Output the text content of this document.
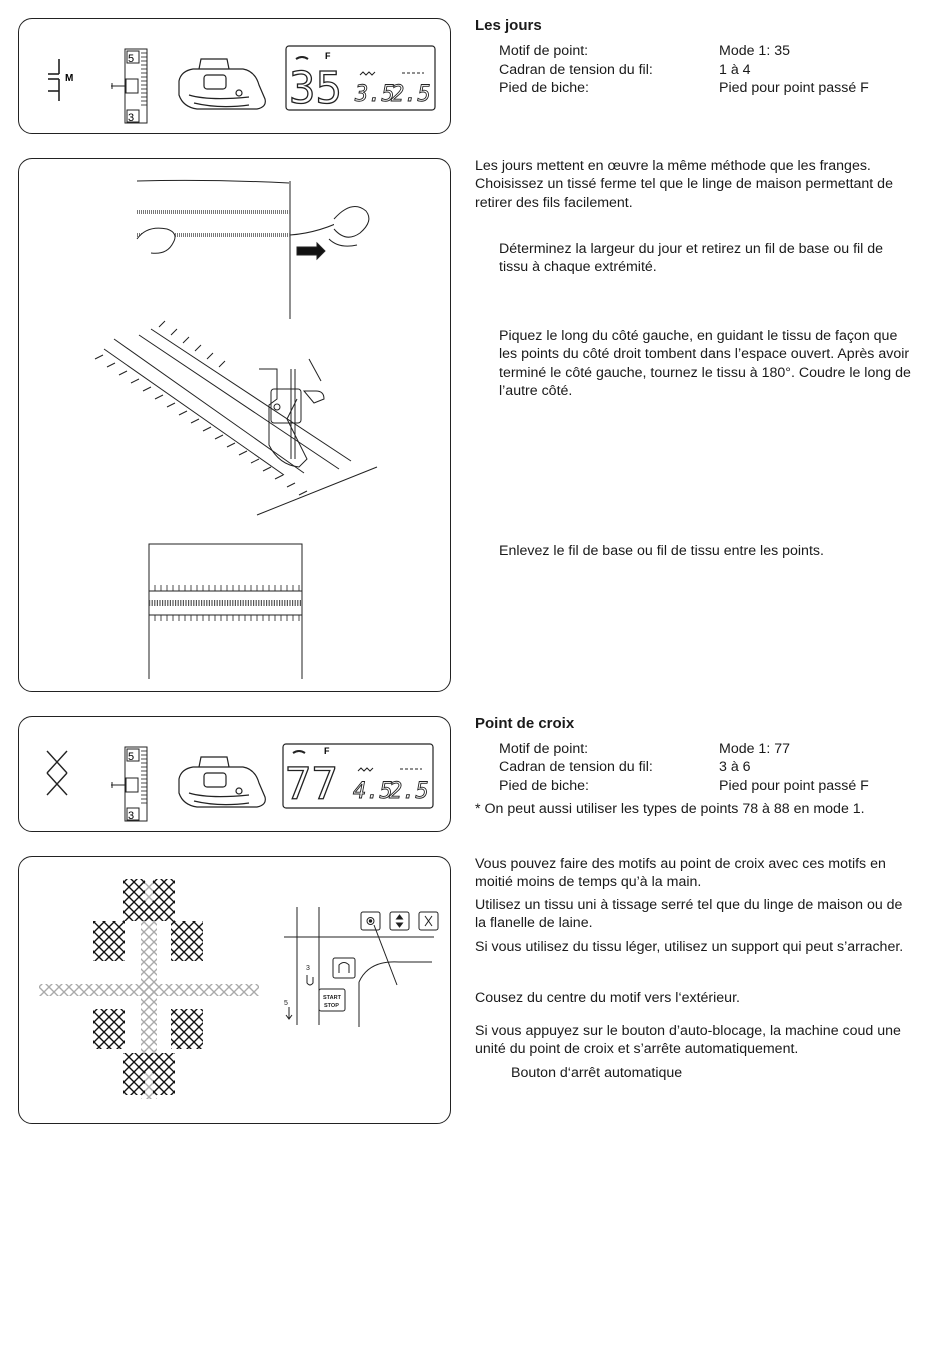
M
5
3
F
35 3.5
2.5
Les jours
Motif de point:	Mode 1: 35
Cadran de tension du fil:	1 à 4
Pied de biche:	Pied pour point passé F
Les jours mettent en œuvre la même méthode que les franges. Choisissez un tissé ferme tel que le linge de maison permettant de retirer des fils facilement.
Déterminez la largeur du jour et retirez un fil de base ou fil de tissu à chaque extrémité.
Piquez le long du côté gauche, en guidant le tissu de façon que les points du côté droit tombent dans l’espace ouvert. Après avoir terminé le côté gauche, tournez le tissu à 180°. Coudre le long de l’autre côté.
Enlevez le fil de base ou fil de tissu entre les points.
5
3
F
77 4.5
2.5
Point de croix
Motif de point:	Mode 1: 77
Cadran de tension du fil:	3 à 6
Pied de biche:	Pied pour point passé F
* On peut aussi utiliser les types de points 78 à 88 en mode 1.
START
STOP
3
5
Vous pouvez faire des motifs au point de croix avec ces motifs en moitié moins de temps qu’à la main.
Utilisez un tissu uni à tissage serré tel que du linge de maison ou de la flanelle de laine.
Si vous utilisez du tissu léger, utilisez un support qui peut s’arracher.
Cousez du centre du motif vers l‘extérieur.
Si vous appuyez sur le bouton d’auto-blocage, la machine coud une unité du point de croix et s’arrête automatiquement.
Bouton d‘arrêt automatique
